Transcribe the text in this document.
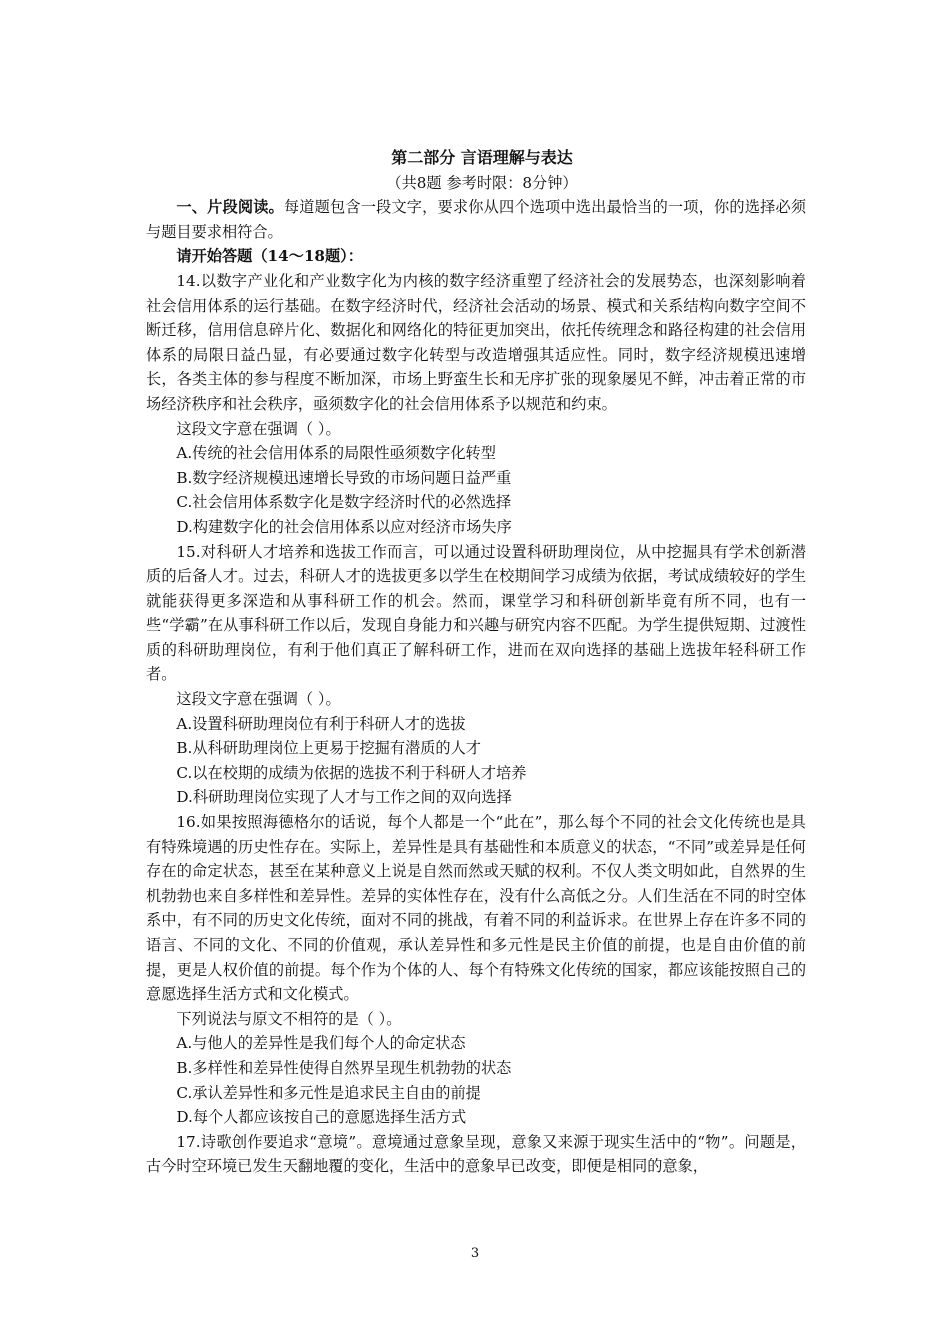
第二部分 言语理解与表达
（共8题 参考时限：8分钟）
一、片段阅读。每道题包含一段文字，要求你从四个选项中选出最恰当的一项，你的选择必须与题目要求相符合。
请开始答题（14～18题）：
14.以数字产业化和产业数字化为内核的数字经济重塑了经济社会的发展势态，也深刻影响着社会信用体系的运行基础。在数字经济时代，经济社会活动的场景、模式和关系结构向数字空间不断迁移，信用信息碎片化、数据化和网络化的特征更加突出，依托传统理念和路径构建的社会信用体系的局限日益凸显，有必要通过数字化转型与改造增强其适应性。同时，数字经济规模迅速增长，各类主体的参与程度不断加深，市场上野蛮生长和无序扩张的现象屡见不鲜，冲击着正常的市场经济秩序和社会秩序，亟须数字化的社会信用体系予以规范和约束。
这段文字意在强调（ ）。
A.传统的社会信用体系的局限性亟须数字化转型
B.数字经济规模迅速增长导致的市场问题日益严重
C.社会信用体系数字化是数字经济时代的必然选择
D.构建数字化的社会信用体系以应对经济市场失序
15.对科研人才培养和选拔工作而言，可以通过设置科研助理岗位，从中挖掘具有学术创新潜质的后备人才。过去，科研人才的选拔更多以学生在校期间学习成绩为依据，考试成绩较好的学生就能获得更多深造和从事科研工作的机会。然而，课堂学习和科研创新毕竟有所不同，也有一些“学霸”在从事科研工作以后，发现自身能力和兴趣与研究内容不匹配。为学生提供短期、过渡性质的科研助理岗位，有利于他们真正了解科研工作，进而在双向选择的基础上选拔年轻科研工作者。
这段文字意在强调（ ）。
A.设置科研助理岗位有利于科研人才的选拔
B.从科研助理岗位上更易于挖掘有潜质的人才
C.以在校期的成绩为依据的选拔不利于科研人才培养
D.科研助理岗位实现了人才与工作之间的双向选择
16.如果按照海德格尔的话说，每个人都是一个“此在”，那么每个不同的社会文化传统也是具有特殊境遇的历史性存在。实际上，差异性是具有基础性和本质意义的状态，“不同”或差异是任何存在的命定状态，甚至在某种意义上说是自然而然或天赋的权利。不仅人类文明如此，自然界的生机勃勃也来自多样性和差异性。差异的实体性存在，没有什么高低之分。人们生活在不同的时空体系中，有不同的历史文化传统，面对不同的挑战，有着不同的利益诉求。在世界上存在许多不同的语言、不同的文化、不同的价值观，承认差异性和多元性是民主价值的前提，也是自由价值的前提，更是人权价值的前提。每个作为个体的人、每个有特殊文化传统的国家，都应该能按照自己的意愿选择生活方式和文化模式。
下列说法与原文不相符的是（ ）。
A.与他人的差异性是我们每个人的命定状态
B.多样性和差异性使得自然界呈现生机勃勃的状态
C.承认差异性和多元性是追求民主自由的前提
D.每个人都应该按自己的意愿选择生活方式
17.诗歌创作要追求“意境”。意境通过意象呈现，意象又来源于现实生活中的“物”。问题是，古今时空环境已发生天翻地覆的变化，生活中的意象早已改变，即便是相同的意象，
3
